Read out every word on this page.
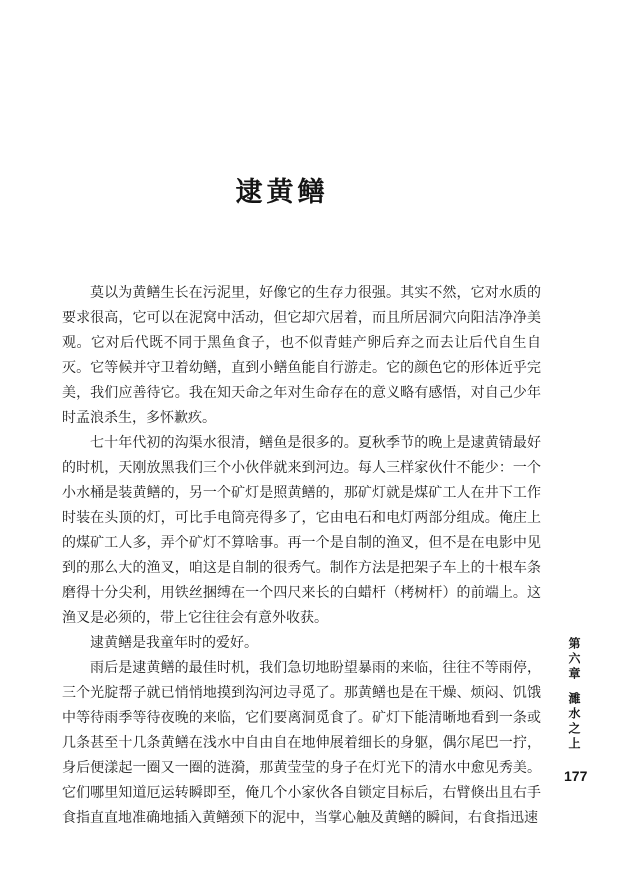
逮黄鳝

莫以为黄鳝生长在污泥里，好像它的生存力很强。其实不然，它对水质的要求很高，它可以在泥窝中活动，但它却穴居着，而且所居洞穴向阳洁净净美观。它对后代既不同于黑鱼食子，也不似青蛙产卵后弃之而去让后代自生自灭。它等候并守卫着幼鳝，直到小鳝鱼能自行游走。它的颜色它的形体近乎完美，我们应善待它。我在知天命之年对生命存在的意义略有感悟，对自己少年时孟浪杀生，多怀歉疚。

七十年代初的沟渠水很清，鳝鱼是很多的。夏秋季节的晚上是逮黄锖最好的时机，天刚放黑我们三个小伙伴就来到河边。每人三样家伙什不能少：一个小水桶是装黄鳝的，另一个矿灯是照黄鳝的，那矿灯就是煤矿工人在井下工作时装在头顶的灯，可比手电筒亮得多了，它由电石和电灯两部分组成。俺庄上的煤矿工人多，弄个矿灯不算啥事。再一个是自制的渔叉，但不是在电影中见到的那么大的渔叉，咱这是自制的很秀气。制作方法是把架子车上的十根车条磨得十分尖利，用铁丝捆缚在一个四尺来长的白蜡杆（栲树杆）的前端上。这渔叉是必须的，带上它往往会有意外收获。

逮黄鳝是我童年时的爱好。

雨后是逮黄鳝的最佳时机，我们急切地盼望暴雨的来临，往往不等雨停，三个光腚帮子就已悄悄地摸到沟河边寻觅了。那黄鳝也是在干燥、烦闷、饥饿中等待雨季等待夜晚的来临，它们要离洞觅食了。矿灯下能清晰地看到一条或几条甚至十几条黄鳝在浅水中自由自在地伸展着细长的身躯，偶尔尾巴一拧，身后便漾起一圈又一圈的涟漪，那黄莹莹的身子在灯光下的清水中愈见秀美。它们哪里知道厄运转瞬即至，俺几个小家伙各自锁定目标后，右臂倏出且右手食指直直地准确地插入黄鳝颈下的泥中，当掌心触及黄鳝的瞬间，右食指迅速

第六章
濉水之上
177
